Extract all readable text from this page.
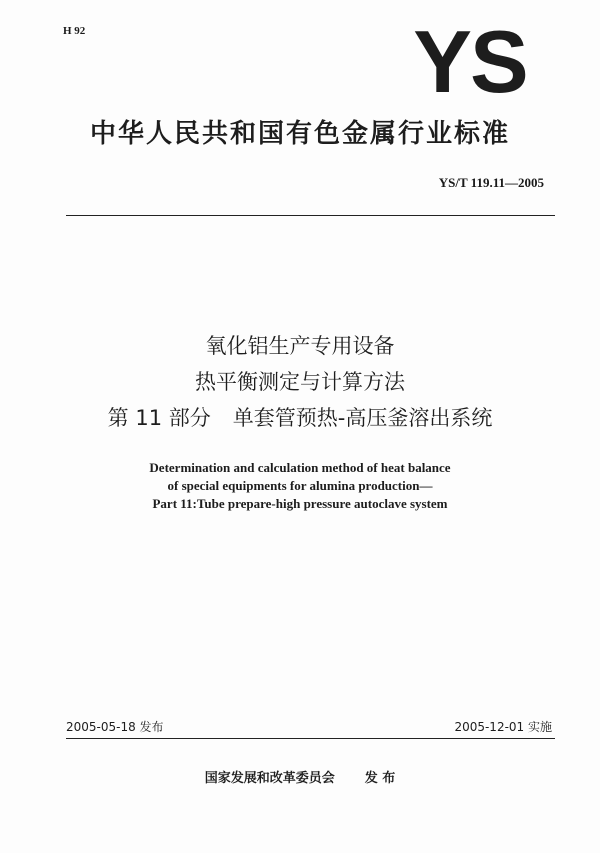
H 92	YS
中华人民共和国有色金属行业标准
YS/T 119.11—2005
氧化铝生产专用设备
热平衡测定与计算方法
第 11 部分 单套管预热-高压釜溶出系统
Determination and calculation method of heat balance
of special equipments for alumina production—
Part 11:Tube prepare-high pressure autoclave system
2005-05-18 发布	2005-12-01 实施
国家发展和改革委员会 发 布
